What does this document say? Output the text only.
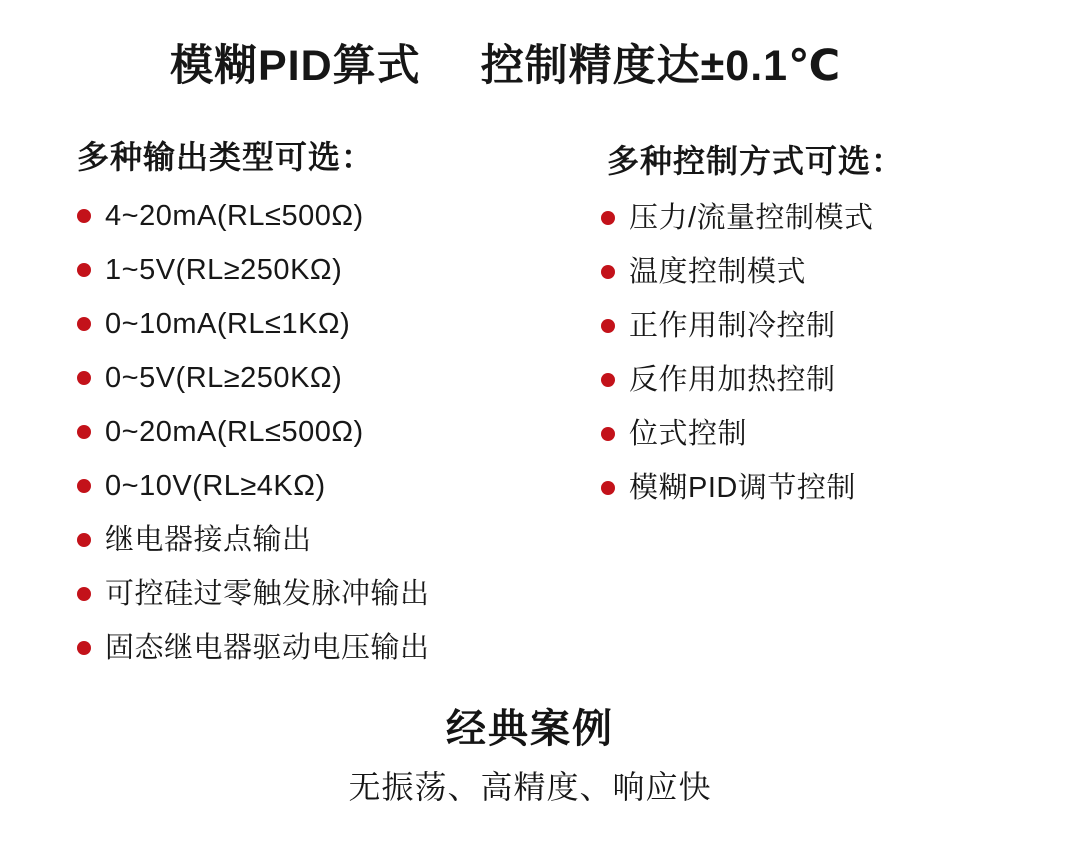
模糊PID算式 控制精度达±0.1℃
多种输出类型可选：
4~20mA(RL≤500Ω)
1~5V(RL≥250KΩ)
0~10mA(RL≤1KΩ)
0~5V(RL≥250KΩ)
0~20mA(RL≤500Ω)
0~10V(RL≥4KΩ)
继电器接点输出
可控硅过零触发脉冲输出
固态继电器驱动电压输出
多种控制方式可选：
压力/流量控制模式
温度控制模式
正作用制冷控制
反作用加热控制
位式控制
模糊PID调节控制
经典案例
无振荡、高精度、响应快
